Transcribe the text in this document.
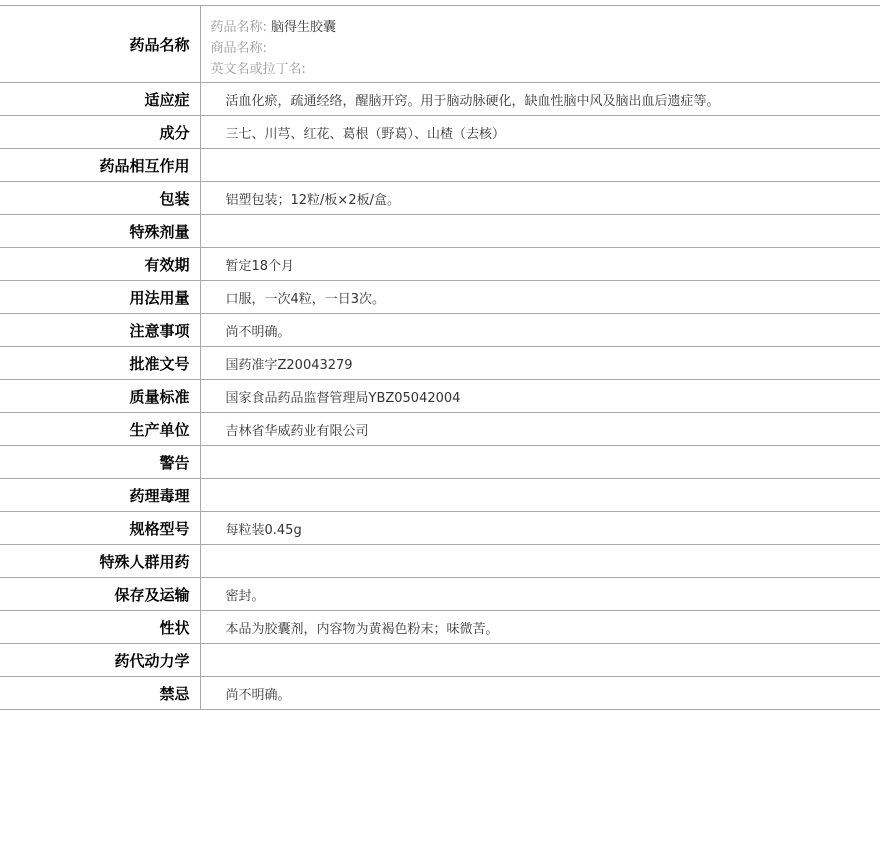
药品名称	药品名称: 脑得生胶囊
商品名称:
英文名或拉丁名:

适应症	活血化瘀，疏通经络，醒脑开窍。用于脑动脉硬化，缺血性脑中风及脑出血后遗症等。
成分	三七、川芎、红花、葛根（野葛）、山楂（去核）
药品相互作用	
包装	铝塑包装；12粒/板×2板/盒。
特殊剂量	
有效期	暂定18个月
用法用量	口服，一次4粒，一日3次。
注意事项	尚不明确。
批准文号	国药准字Z20043279
质量标准	国家食品药品监督管理局YBZ05042004
生产单位	吉林省华威药业有限公司
警告	
药理毒理	
规格型号	每粒装0.45g
特殊人群用药	
保存及运输	密封。
性状	本品为胶囊剂，内容物为黄褐色粉末；味微苦。
药代动力学	
禁忌	尚不明确。
